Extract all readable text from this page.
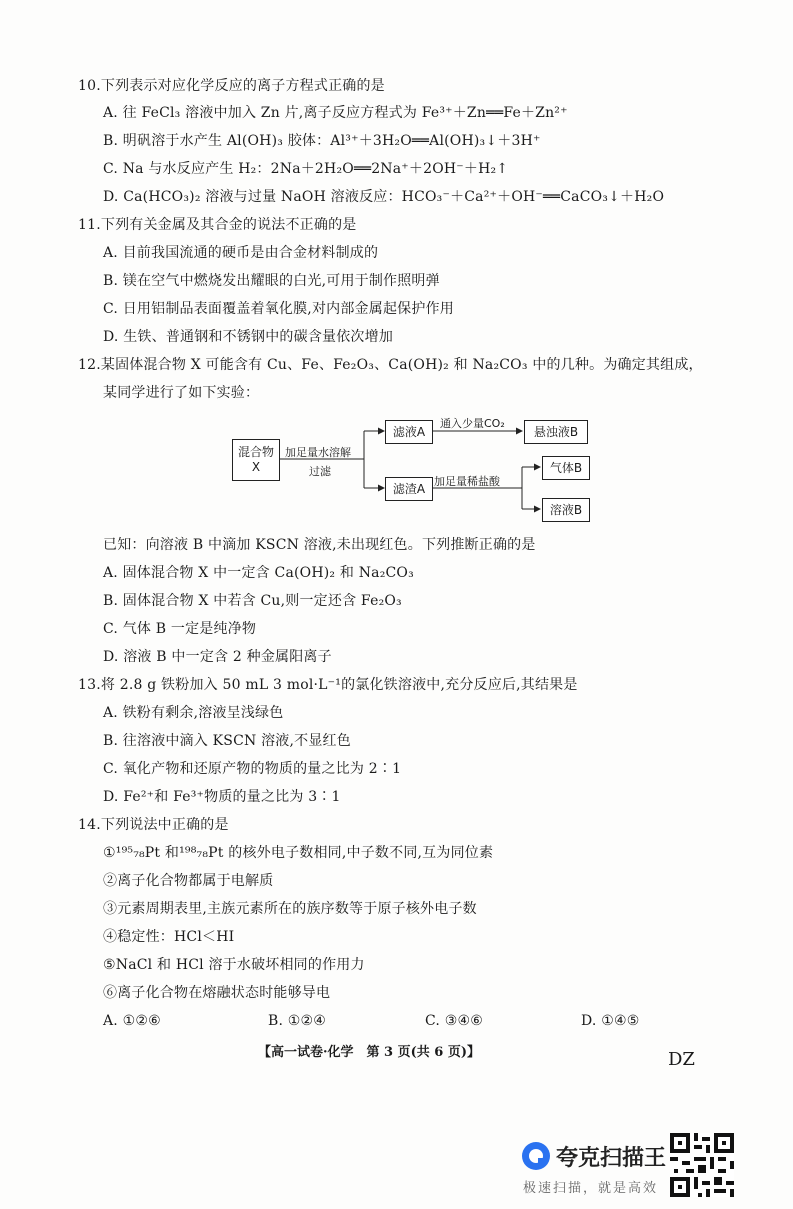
10.下列表示对应化学反应的离子方程式正确的是
A. 往 FeCl₃ 溶液中加入 Zn 片,离子反应方程式为 Fe³⁺＋Zn══Fe＋Zn²⁺
B. 明矾溶于水产生 Al(OH)₃ 胶体：Al³⁺＋3H₂O══Al(OH)₃↓＋3H⁺
C. Na 与水反应产生 H₂：2Na＋2H₂O══2Na⁺＋2OH⁻＋H₂↑
D. Ca(HCO₃)₂ 溶液与过量 NaOH 溶液反应：HCO₃⁻＋Ca²⁺＋OH⁻══CaCO₃↓＋H₂O
11.下列有关金属及其合金的说法不正确的是
A. 目前我国流通的硬币是由合金材料制成的
B. 镁在空气中燃烧发出耀眼的白光,可用于制作照明弹
C. 日用铝制品表面覆盖着氧化膜,对内部金属起保护作用
D. 生铁、普通钢和不锈钢中的碳含量依次增加
12.某固体混合物 X 可能含有 Cu、Fe、Fe₂O₃、Ca(OH)₂ 和 Na₂CO₃ 中的几种。为确定其组成，
某同学进行了如下实验：
混合物
X
加足量水溶解
过滤
滤液A
通入少量CO₂
悬浊液B
滤渣A 加足量稀盐酸
气体B
溶液B
已知：向溶液 B 中滴加 KSCN 溶液,未出现红色。下列推断正确的是
A. 固体混合物 X 中一定含 Ca(OH)₂ 和 Na₂CO₃
B. 固体混合物 X 中若含 Cu,则一定还含 Fe₂O₃
C. 气体 B 一定是纯净物
D. 溶液 B 中一定含 2 种金属阳离子
13.将 2.8 g 铁粉加入 50 mL 3 mol·L⁻¹的氯化铁溶液中,充分反应后,其结果是
A. 铁粉有剩余,溶液呈浅绿色
B. 往溶液中滴入 KSCN 溶液,不显红色
C. 氧化产物和还原产物的物质的量之比为 2∶1
D. Fe²⁺和 Fe³⁺物质的量之比为 3∶1
14.下列说法中正确的是
①¹⁹⁵₇₈Pt 和¹⁹⁸₇₈Pt 的核外电子数相同,中子数不同,互为同位素
②离子化合物都属于电解质
③元素周期表里,主族元素所在的族序数等于原子核外电子数
④稳定性：HCl＜HI
⑤NaCl 和 HCl 溶于水破坏相同的作用力
⑥离子化合物在熔融状态时能够导电
A. ①②⑥	B. ①②④	C. ③④⑥	D. ①④⑤
【高一试卷·化学　第 3 页(共 6 页)】	DZ
夸克扫描王
极速扫描，就是高效
